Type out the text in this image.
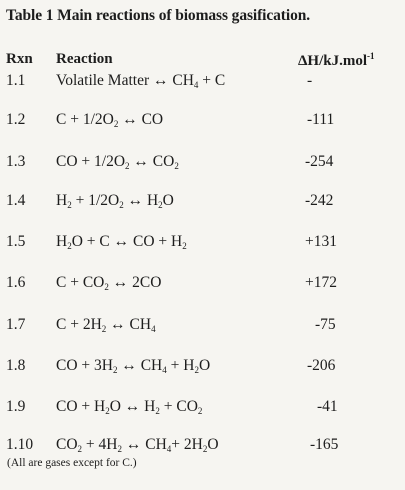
Table 1 Main reactions of biomass gasification.
Rxn Reaction	ΔH/kJ.mol$^{-1}$
1.1 Volatile Matter ↔ $CH_4 + C$	-
1.2 $C + 1/2O_2$ ↔ CO	-111
1.3 CO + $1/2O_2$ ↔ $CO_2$	-254
1.4 $H_2 + 1/2O_2$ ↔ $H_2O$	-242
1.5 $H_2O + C$ ↔ CO + $H_2$	+131
1.6 $C + CO_2$ ↔ 2CO	+172
1.7 $C + 2H_2$ ↔ $CH_4$	-75
1.8 CO + $3H_2$ ↔ $CH_4 + H_2O$	-206
1.9 CO + $H_2O$ ↔ $H_2 + CO_2$	-41
1.10 $CO_2 + 4H_2$ ↔ $CH_4+ 2H_2O$	-165
(All are gases except for C.)
